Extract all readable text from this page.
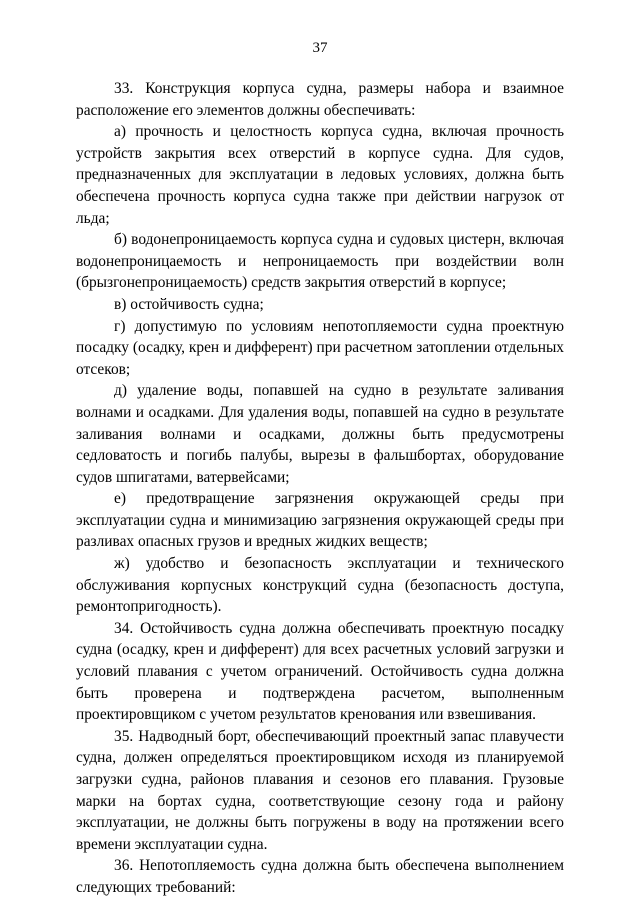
37

33. Конструкция корпуса судна, размеры набора и взаимное расположение его элементов должны обеспечивать:

а) прочность и целостность корпуса судна, включая прочность устройств закрытия всех отверстий в корпусе судна. Для судов, предназначенных для эксплуатации в ледовых условиях, должна быть обеспечена прочность корпуса судна также при действии нагрузок от льда;

б) водонепроницаемость корпуса судна и судовых цистерн, включая водонепроницаемость и непроницаемость при воздействии волн (брызгонепроницаемость) средств закрытия отверстий в корпусе;

в) остойчивость судна;

г) допустимую по условиям непотопляемости судна проектную посадку (осадку, крен и дифферент) при расчетном затоплении отдельных отсеков;

д) удаление воды, попавшей на судно в результате заливания волнами и осадками. Для удаления воды, попавшей на судно в результате заливания волнами и осадками, должны быть предусмотрены седловатость и погибь палубы, вырезы в фальшбортах, оборудование судов шпигатами, ватервейсами;

е) предотвращение загрязнения окружающей среды при эксплуатации судна и минимизацию загрязнения окружающей среды при разливах опасных грузов и вредных жидких веществ;

ж) удобство и безопасность эксплуатации и технического обслуживания корпусных конструкций судна (безопасность доступа, ремонтопригодность).

34. Остойчивость судна должна обеспечивать проектную посадку судна (осадку, крен и дифферент) для всех расчетных условий загрузки и условий плавания с учетом ограничений. Остойчивость судна должна быть проверена и подтверждена расчетом, выполненным проектировщиком с учетом результатов кренования или взвешивания.

35. Надводный борт, обеспечивающий проектный запас плавучести судна, должен определяться проектировщиком исходя из планируемой загрузки судна, районов плавания и сезонов его плавания. Грузовые марки на бортах судна, соответствующие сезону года и району эксплуатации, не должны быть погружены в воду на протяжении всего времени эксплуатации судна.

36. Непотопляемость судна должна быть обеспечена выполнением следующих требований:
